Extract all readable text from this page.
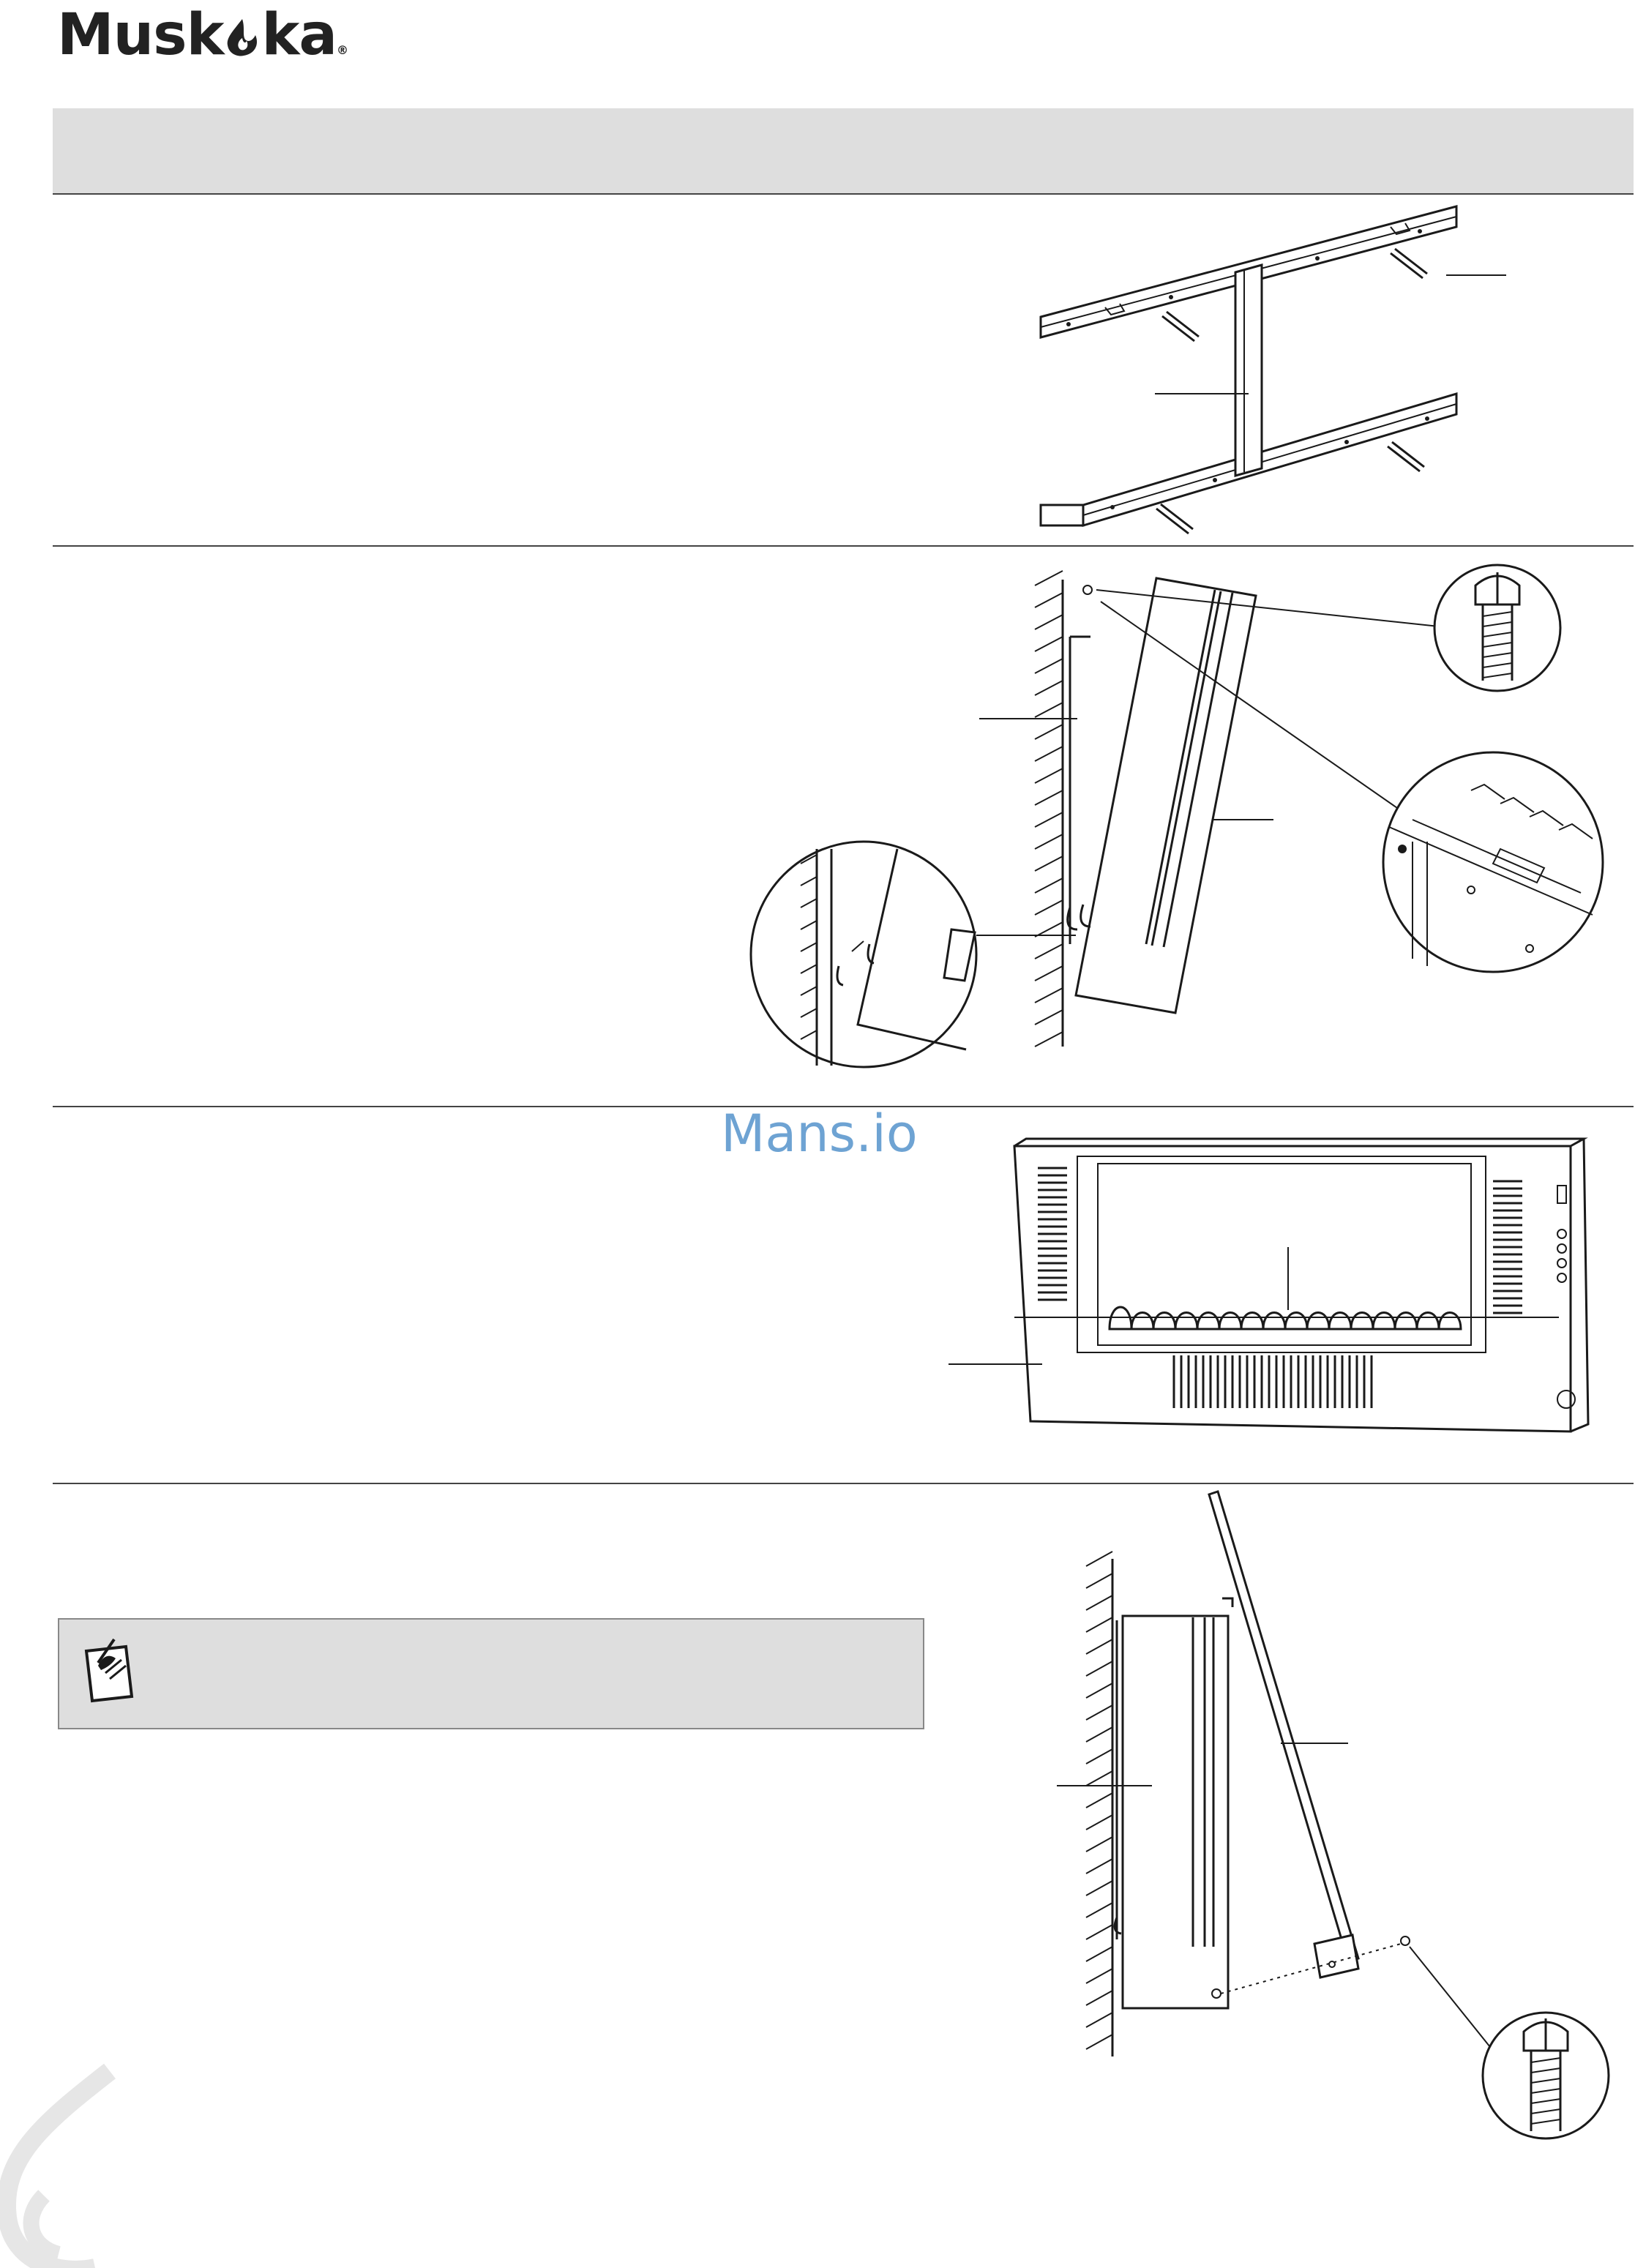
Musk ka®
Mans.io
